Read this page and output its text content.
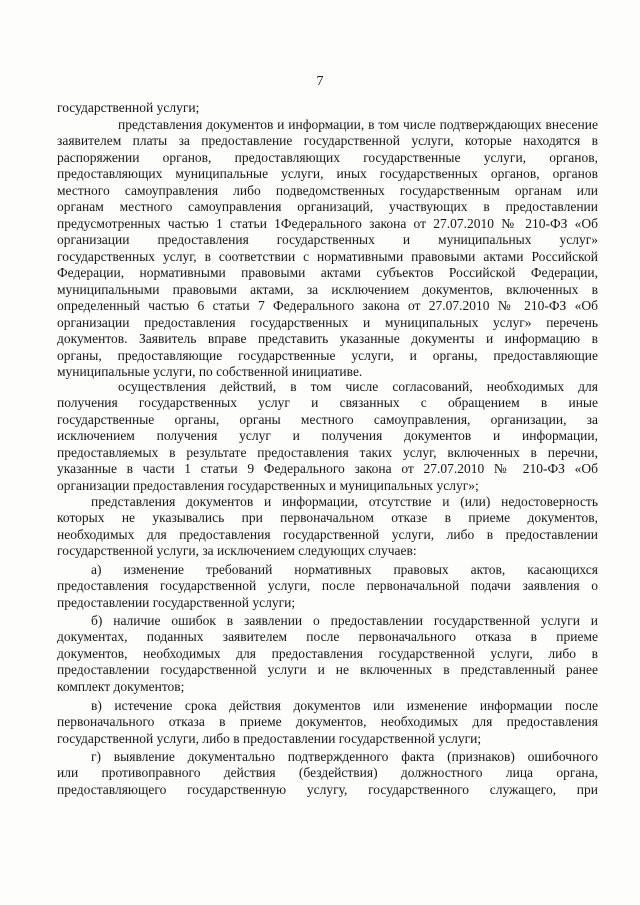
7
государственной услуги;
представления документов и информации, в том числе подтверждающих внесение
заявителем платы за предоставление государственной услуги, которые находятся в
распоряжении органов, предоставляющих государственные услуги, органов,
предоставляющих муниципальные услуги, иных государственных органов, органов
местного самоуправления либо подведомственных государственным органам или
органам местного самоуправления организаций, участвующих в предоставлении
предусмотренных частью 1 статьи 1Федерального закона от 27.07.2010 № 210-ФЗ «Об
организации предоставления государственных и муниципальных услуг»
государственных услуг, в соответствии с нормативными правовыми актами Российской
Федерации, нормативными правовыми актами субъектов Российской Федерации,
муниципальными правовыми актами, за исключением документов, включенных в
определенный частью 6 статьи 7 Федерального закона от 27.07.2010 № 210-ФЗ «Об
организации предоставления государственных и муниципальных услуг» перечень
документов. Заявитель вправе представить указанные документы и информацию в
органы, предоставляющие государственные услуги, и органы, предоставляющие
муниципальные услуги, по собственной инициативе.
осуществления действий, в том числе согласований, необходимых для
получения государственных услуг и связанных с обращением в иные
государственные органы, органы местного самоуправления, организации, за
исключением получения услуг и получения документов и информации,
предоставляемых в результате предоставления таких услуг, включенных в перечни,
указанные в части 1 статьи 9 Федерального закона от 27.07.2010 № 210-ФЗ «Об
организации предоставления государственных и муниципальных услуг»;
представления документов и информации, отсутствие и (или) недостоверность
которых не указывались при первоначальном отказе в приеме документов,
необходимых для предоставления государственной услуги, либо в предоставлении
государственной услуги, за исключением следующих случаев:
а) изменение требований нормативных правовых актов, касающихся
предоставления государственной услуги, после первоначальной подачи заявления о
предоставлении государственной услуги;
б) наличие ошибок в заявлении о предоставлении государственной услуги и
документах, поданных заявителем после первоначального отказа в приеме
документов, необходимых для предоставления государственной услуги, либо в
предоставлении государственной услуги и не включенных в представленный ранее
комплект документов;
в) истечение срока действия документов или изменение информации после
первоначального отказа в приеме документов, необходимых для предоставления
государственной услуги, либо в предоставлении государственной услуги;
г) выявление документально подтвержденного факта (признаков) ошибочного
или противоправного действия (бездействия) должностного лица органа,
предоставляющего государственную услугу, государственного служащего, при
